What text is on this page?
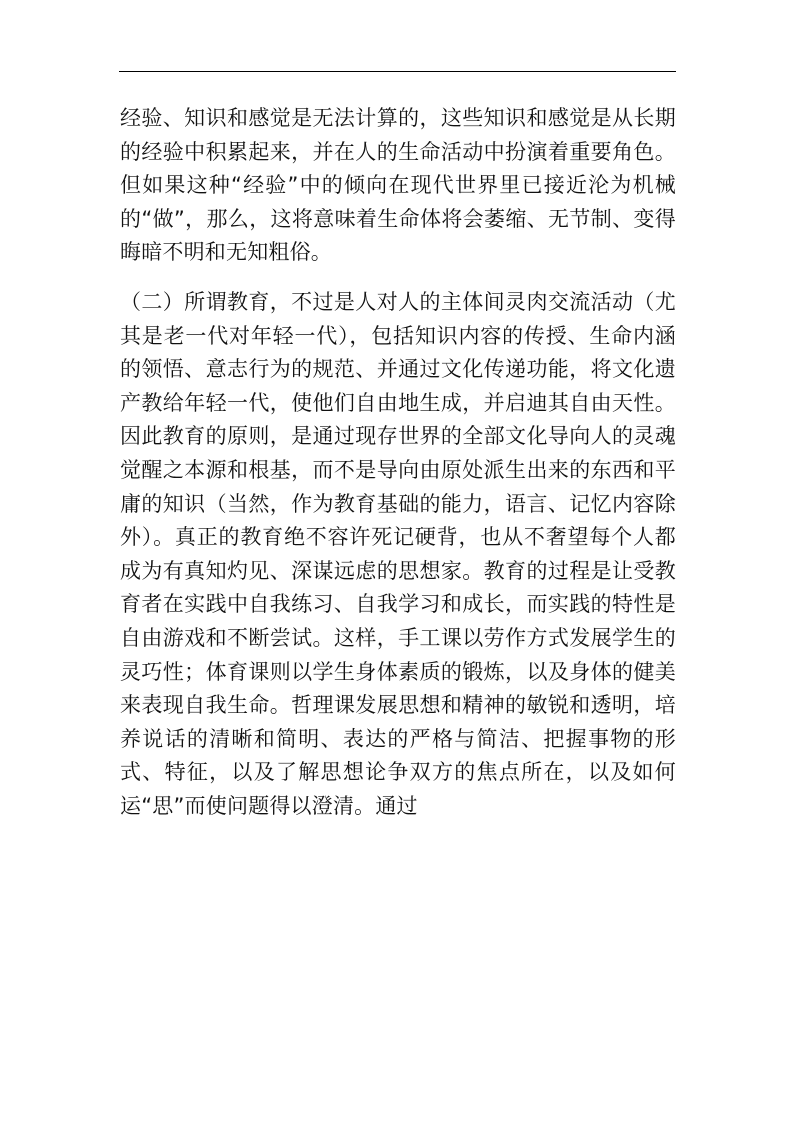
经验、知识和感觉是无法计算的，这些知识和感觉是从长期的经验中积累起来，并在人的生命活动中扮演着重要角色。但如果这种“经验”中的倾向在现代世界里已接近沦为机械的“做”，那么，这将意味着生命体将会萎缩、无节制、变得晦暗不明和无知粗俗。

（二）所谓教育，不过是人对人的主体间灵肉交流活动（尤其是老一代对年轻一代），包括知识内容的传授、生命内涵的领悟、意志行为的规范、并通过文化传递功能，将文化遗产教给年轻一代，使他们自由地生成，并启迪其自由天性。因此教育的原则，是通过现存世界的全部文化导向人的灵魂觉醒之本源和根基，而不是导向由原处派生出来的东西和平庸的知识（当然，作为教育基础的能力，语言、记忆内容除外）。真正的教育绝不容许死记硬背，也从不奢望每个人都成为有真知灼见、深谋远虑的思想家。教育的过程是让受教育者在实践中自我练习、自我学习和成长，而实践的特性是自由游戏和不断尝试。这样，手工课以劳作方式发展学生的灵巧性；体育课则以学生身体素质的锻炼，以及身体的健美来表现自我生命。哲理课发展思想和精神的敏锐和透明，培养说话的清晰和简明、表达的严格与简洁、把握事物的形式、特征，以及了解思想论争双方的焦点所在，以及如何运“思”而使问题得以澄清。通过
